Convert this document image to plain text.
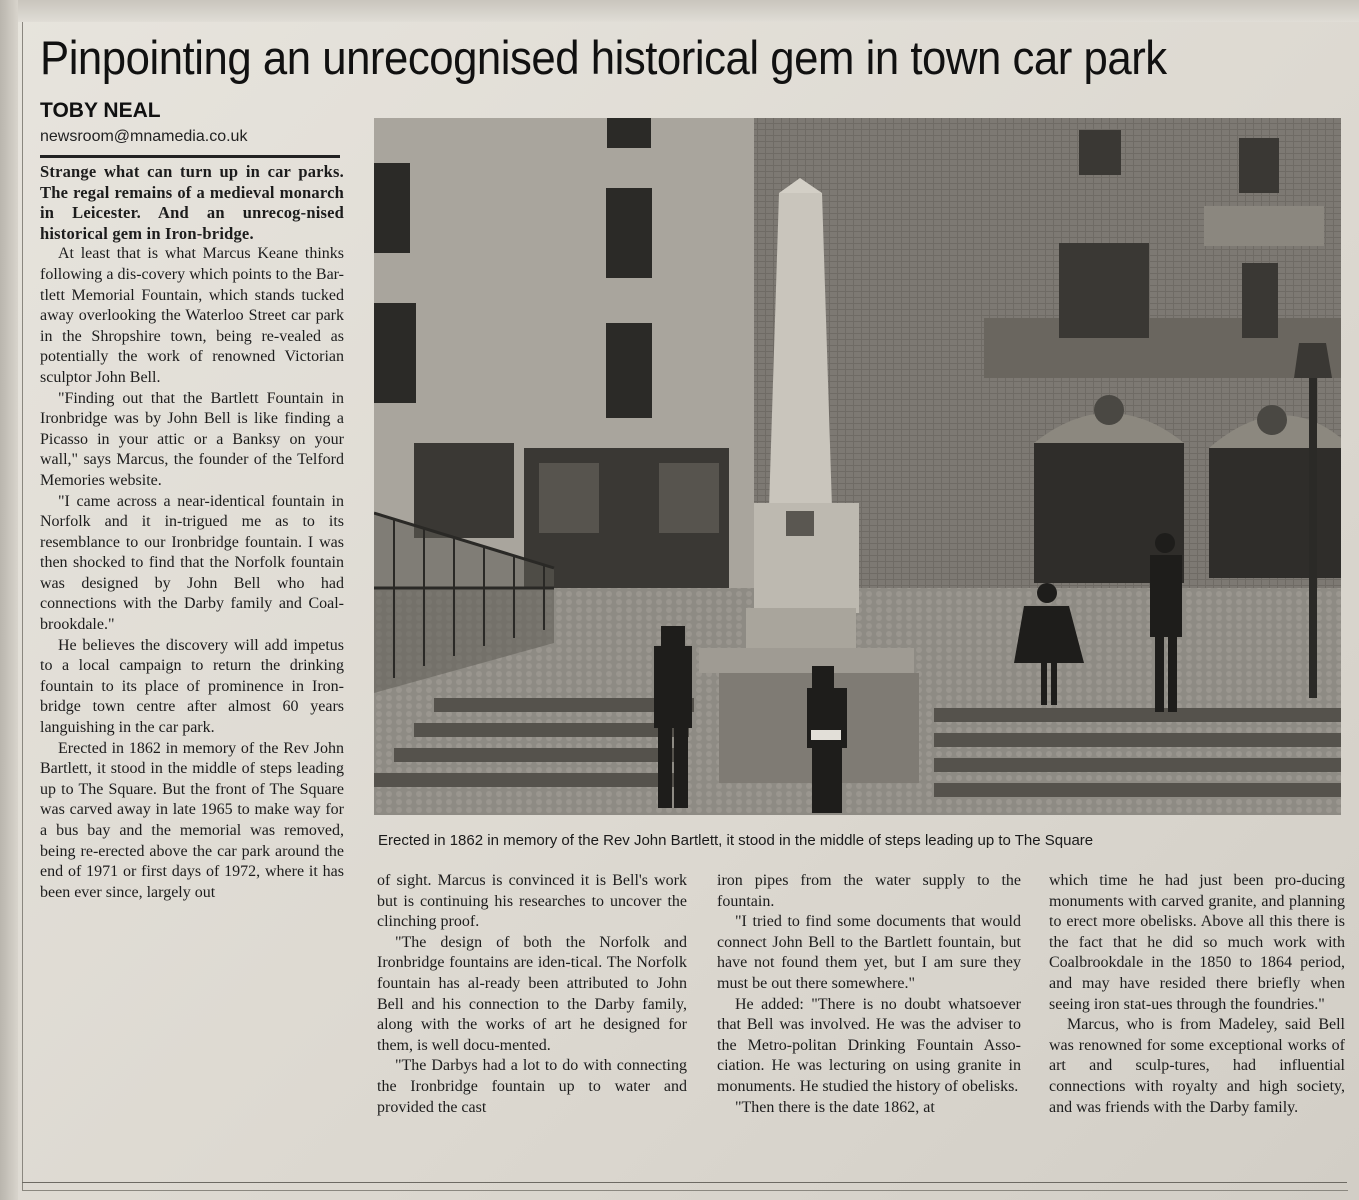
Pinpointing an unrecognised historical gem in town car park
TOBY NEAL
newsroom@mnamedia.co.uk

Strange what can turn up in car parks. The regal remains of a medieval monarch in Leicester. And an unrecog-nised historical gem in Iron-bridge.

At least that is what Marcus Keane thinks following a dis-covery which points to the Bar-tlett Memorial Fountain, which stands tucked away overlooking the Waterloo Street car park in the Shropshire town, being re-vealed as potentially the work of renowned Victorian sculptor John Bell.

"Finding out that the Bartlett Fountain in Ironbridge was by John Bell is like finding a Picasso in your attic or a Banksy on your wall," says Marcus, the founder of the Telford Memories website.

"I came across a near-identical fountain in Norfolk and it in-trigued me as to its resemblance to our Ironbridge fountain. I was then shocked to find that the Norfolk fountain was designed by John Bell who had connections with the Darby family and Coal-brookdale."

He believes the discovery will add impetus to a local campaign to return the drinking fountain to its place of prominence in Iron-bridge town centre after almost 60 years languishing in the car park.

Erected in 1862 in memory of the Rev John Bartlett, it stood in the middle of steps leading up to The Square. But the front of The Square was carved away in late 1965 to make way for a bus bay and the memorial was removed, being re-erected above the car park around the end of 1971 or first days of 1972, where it has been ever since, largely out

Erected in 1862 in memory of the Rev John Bartlett, it stood in the middle of steps leading up to The Square

of sight. Marcus is convinced it is Bell's work but is continuing his researches to uncover the clinching proof.

"The design of both the Norfolk and Ironbridge fountains are iden-tical. The Norfolk fountain has al-ready been attributed to John Bell and his connection to the Darby family, along with the works of art he designed for them, is well docu-mented.

"The Darbys had a lot to do with connecting the Ironbridge fountain up to water and provided the cast

iron pipes from the water supply to the fountain.

"I tried to find some documents that would connect John Bell to the Bartlett fountain, but have not found them yet, but I am sure they must be out there somewhere."

He added: "There is no doubt whatsoever that Bell was involved. He was the adviser to the Metro-politan Drinking Fountain Asso-ciation. He was lecturing on using granite in monuments. He studied the history of obelisks.

"Then there is the date 1862, at

which time he had just been pro-ducing monuments with carved granite, and planning to erect more obelisks. Above all this there is the fact that he did so much work with Coalbrookdale in the 1850 to 1864 period, and may have resided there briefly when seeing iron stat-ues through the foundries."

Marcus, who is from Madeley, said Bell was renowned for some exceptional works of art and sculp-tures, had influential connections with royalty and high society, and was friends with the Darby family.
